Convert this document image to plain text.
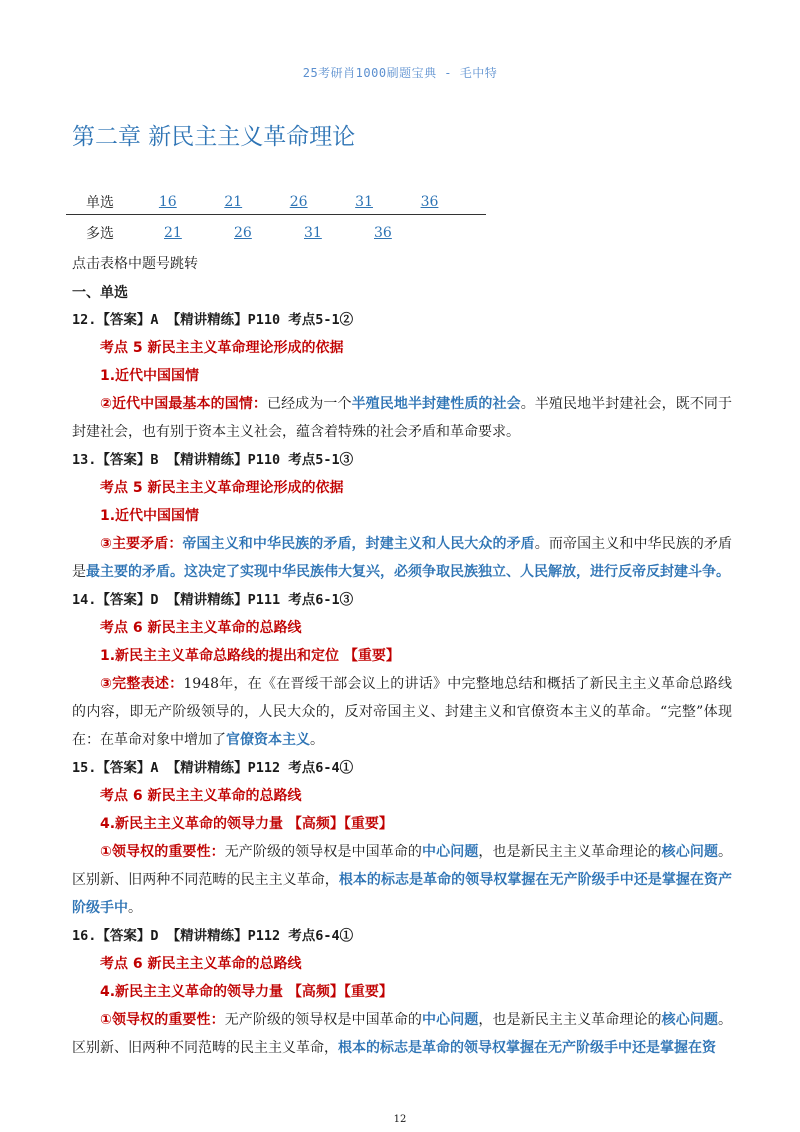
25考研肖1000刷题宝典 - 毛中特
第二章 新民主主义革命理论
单选	16	21	26	31	36
多选	21	26	31	36
点击表格中题号跳转
一、单选
12.【答案】A 【精讲精练】P110 考点5-1②
考点 5 新民主主义革命理论形成的依据
1.近代中国国情
②近代中国最基本的国情：已经成为一个半殖民地半封建性质的社会。半殖民地半封建社会，既不同于封建社会，也有别于资本主义社会，蕴含着特殊的社会矛盾和革命要求。
13.【答案】B 【精讲精练】P110 考点5-1③
考点 5 新民主主义革命理论形成的依据
1.近代中国国情
③主要矛盾：帝国主义和中华民族的矛盾，封建主义和人民大众的矛盾。而帝国主义和中华民族的矛盾是最主要的矛盾。这决定了实现中华民族伟大复兴，必须争取民族独立、人民解放，进行反帝反封建斗争。
14.【答案】D 【精讲精练】P111 考点6-1③
考点 6 新民主主义革命的总路线
1.新民主主义革命总路线的提出和定位 【重要】
③完整表述：1948年，在《在晋绥干部会议上的讲话》中完整地总结和概括了新民主主义革命总路线的内容，即无产阶级领导的，人民大众的，反对帝国主义、封建主义和官僚资本主义的革命。“完整”体现在：在革命对象中增加了官僚资本主义。
15.【答案】A 【精讲精练】P112 考点6-4①
考点 6 新民主主义革命的总路线
4.新民主主义革命的领导力量 【高频】【重要】
①领导权的重要性：无产阶级的领导权是中国革命的中心问题，也是新民主主义革命理论的核心问题。区别新、旧两种不同范畴的民主主义革命，根本的标志是革命的领导权掌握在无产阶级手中还是掌握在资产阶级手中。
16.【答案】D 【精讲精练】P112 考点6-4①
考点 6 新民主主义革命的总路线
4.新民主主义革命的领导力量 【高频】【重要】
①领导权的重要性：无产阶级的领导权是中国革命的中心问题，也是新民主主义革命理论的核心问题。区别新、旧两种不同范畴的民主主义革命，根本的标志是革命的领导权掌握在无产阶级手中还是掌握在资
12
